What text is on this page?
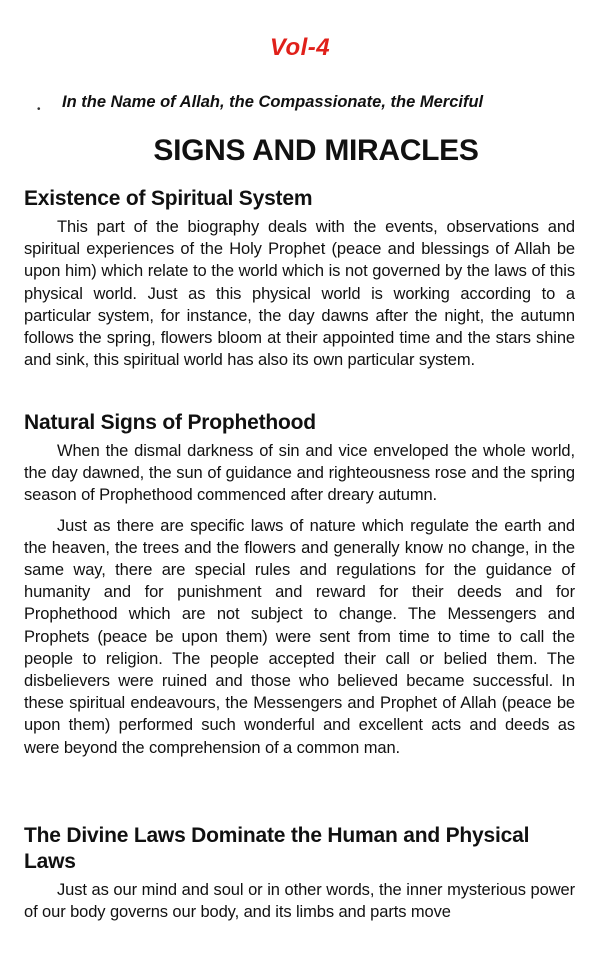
Vol-4
• In the Name of Allah, the Compassionate, the Merciful
SIGNS AND MIRACLES
Existence of Spiritual System

This part of the biography deals with the events, observations and spiritual experiences of the Holy Prophet (peace and blessings of Allah be upon him) which relate to the world which is not governed by the laws of this physical world. Just as this physical world is working according to a particular system, for instance, the day dawns after the night, the autumn follows the spring, flowers bloom at their appointed time and the stars shine and sink, this spiritual world has also its own particular system.

Natural Signs of Prophethood

When the dismal darkness of sin and vice enveloped the whole world, the day dawned, the sun of guidance and righteousness rose and the spring season of Prophethood commenced after dreary autumn.

Just as there are specific laws of nature which regulate the earth and the heaven, the trees and the flowers and generally know no change, in the same way, there are special rules and regulations for the guidance of humanity and for punishment and reward for their deeds and for Prophethood which are not subject to change. The Messengers and Prophets (peace be upon them) were sent from time to time to call the people to religion. The people accepted their call or belied them. The disbelievers were ruined and those who believed became successful. In these spiritual endeavours, the Messengers and Prophet of Allah (peace be upon them) performed such wonderful and excellent acts and deeds as were beyond the comprehension of a common man.

The Divine Laws Dominate the Human and Physical Laws

Just as our mind and soul or in other words, the inner mysterious power of our body governs our body, and its limbs and parts move
